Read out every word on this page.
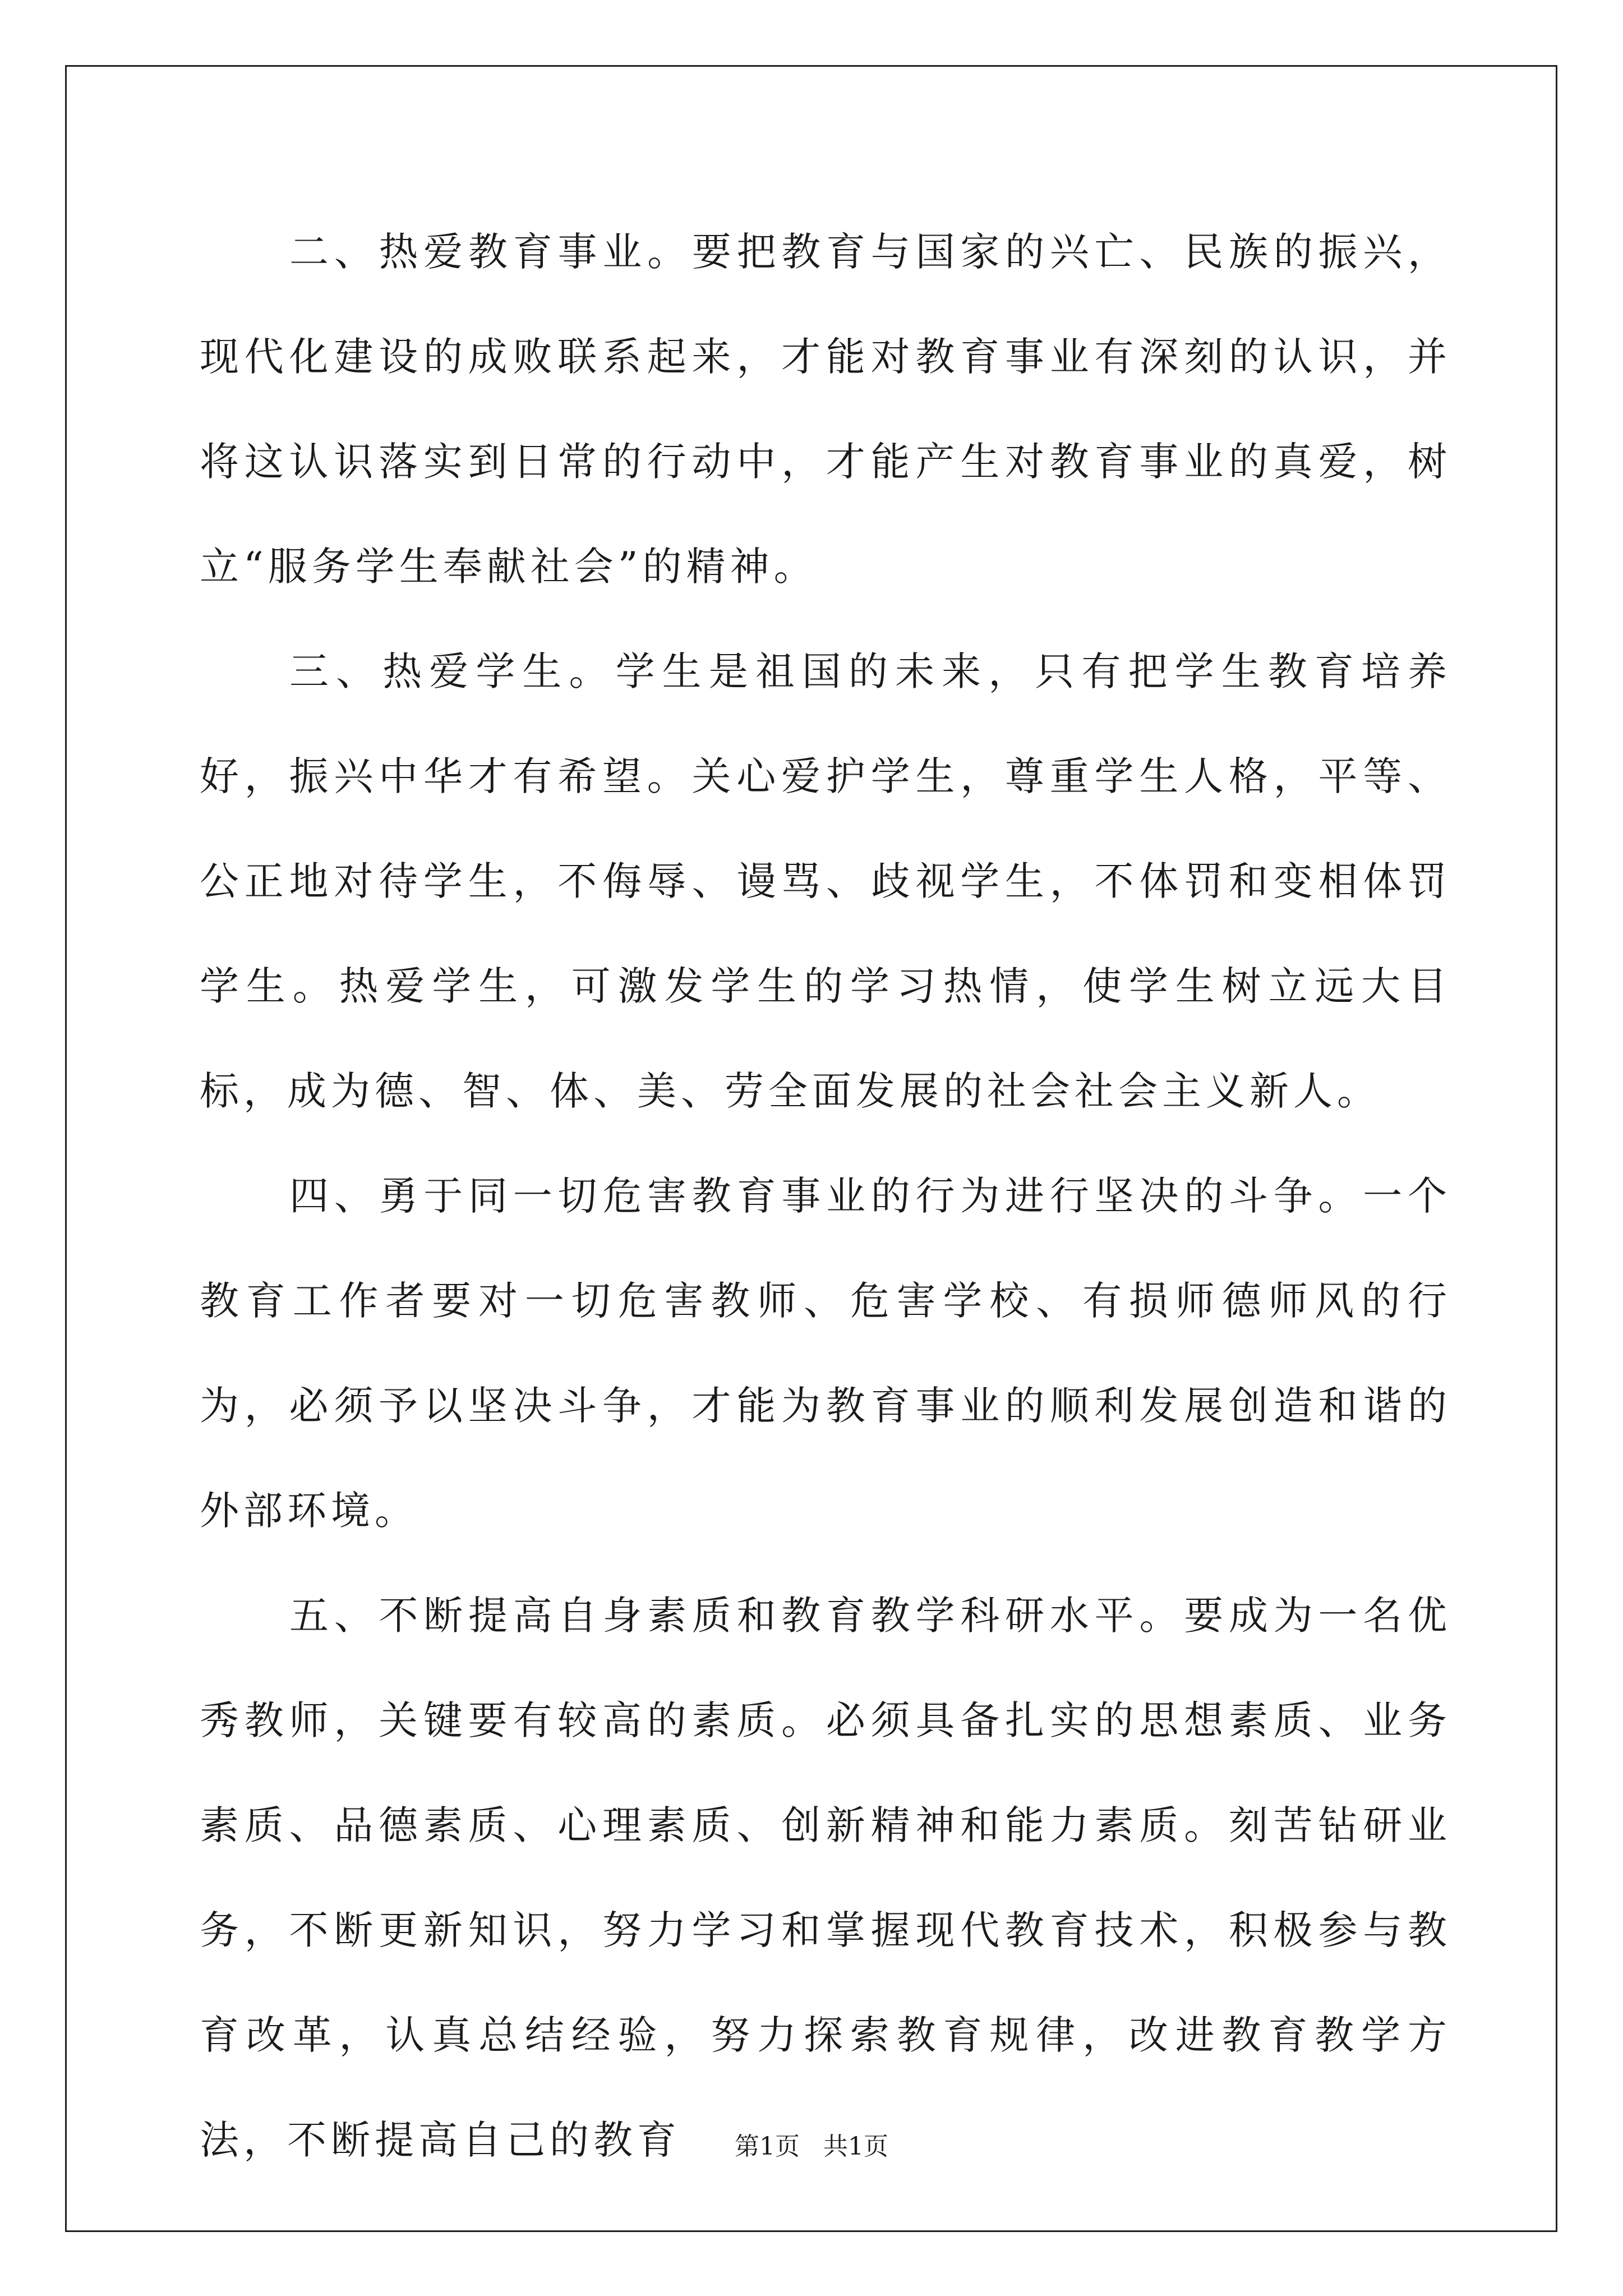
二、热爱教育事业。要把教育与国家的兴亡、民族的振兴，现代化建设的成败联系起来，才能对教育事业有深刻的认识，并将这认识落实到日常的行动中，才能产生对教育事业的真爱，树立“服务学生奉献社会”的精神。

三、热爱学生。学生是祖国的未来，只有把学生教育培养好，振兴中华才有希望。关心爱护学生，尊重学生人格，平等、公正地对待学生，不侮辱、谩骂、歧视学生，不体罚和变相体罚学生。热爱学生，可激发学生的学习热情，使学生树立远大目标，成为德、智、体、美、劳全面发展的社会社会主义新人。

四、勇于同一切危害教育事业的行为进行坚决的斗争。一个教育工作者要对一切危害教师、危害学校、有损师德师风的行为，必须予以坚决斗争，才能为教育事业的顺利发展创造和谐的外部环境。

五、不断提高自身素质和教育教学科研水平。要成为一名优秀教师，关键要有较高的素质。必须具备扎实的思想素质、业务素质、品德素质、心理素质、创新精神和能力素质。刻苦钻研业务，不断更新知识，努力学习和掌握现代教育技术，积极参与教育改革，认真总结经验，努力探索教育规律，改进教育教学方法，不断提高自己的教育	第1页   共1页
